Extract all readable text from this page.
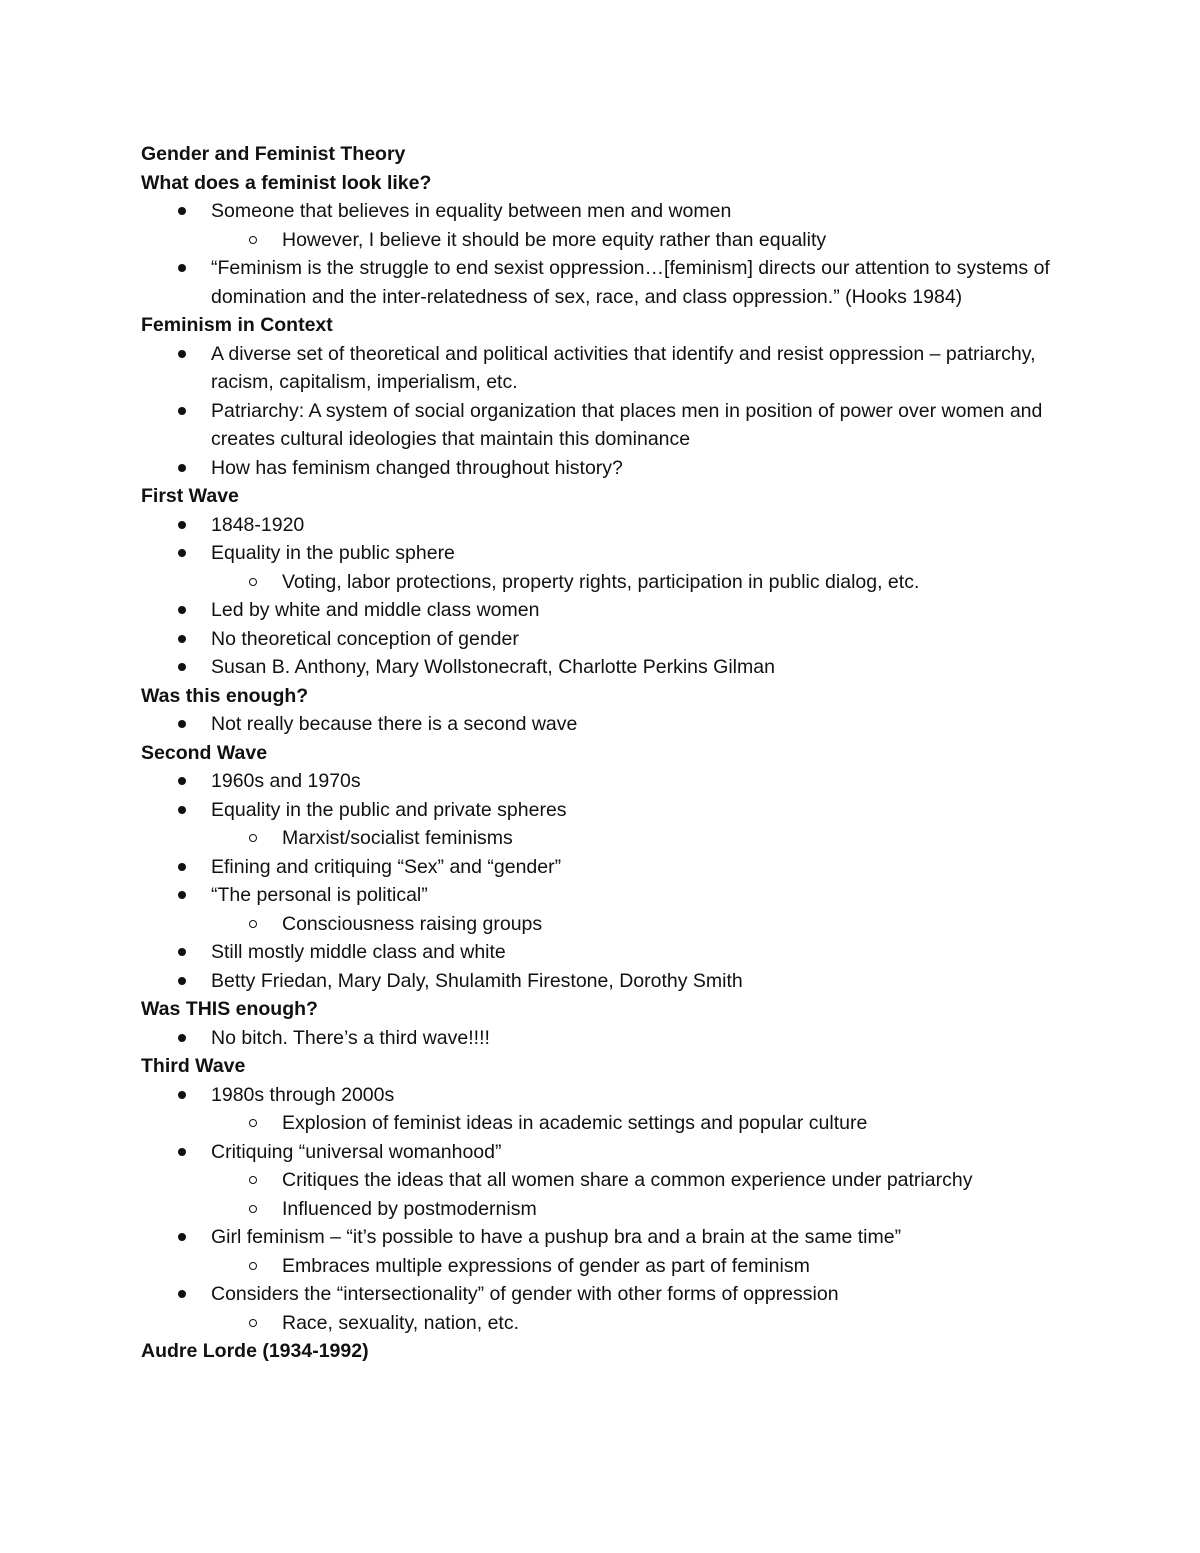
Gender and Feminist Theory
What does a feminist look like?
Someone that believes in equality between men and women
However, I believe it should be more equity rather than equality
“Feminism is the struggle to end sexist oppression…[feminism] directs our attention to systems of domination and the inter-relatedness of sex, race, and class oppression.” (Hooks 1984)
Feminism in Context
A diverse set of theoretical and political activities that identify and resist oppression – patriarchy, racism, capitalism, imperialism, etc.
Patriarchy: A system of social organization that places men in position of power over women and creates cultural ideologies that maintain this dominance
How has feminism changed throughout history?
First Wave
1848-1920
Equality in the public sphere
Voting, labor protections, property rights, participation in public dialog, etc.
Led by white and middle class women
No theoretical conception of gender
Susan B. Anthony, Mary Wollstonecraft, Charlotte Perkins Gilman
Was this enough?
Not really because there is a second wave
Second Wave
1960s and 1970s
Equality in the public and private spheres
Marxist/socialist feminisms
Efining and critiquing “Sex” and “gender”
“The personal is political”
Consciousness raising groups
Still mostly middle class and white
Betty Friedan, Mary Daly, Shulamith Firestone, Dorothy Smith
Was THIS enough?
No bitch. There’s a third wave!!!!
Third Wave
1980s through 2000s
Explosion of feminist ideas in academic settings and popular culture
Critiquing “universal womanhood”
Critiques the ideas that all women share a common experience under patriarchy
Influenced by postmodernism
Girl feminism – “it’s possible to have a pushup bra and a brain at the same time”
Embraces multiple expressions of gender as part of feminism
Considers the “intersectionality” of gender with other forms of oppression
Race, sexuality, nation, etc.
Audre Lorde (1934-1992)
